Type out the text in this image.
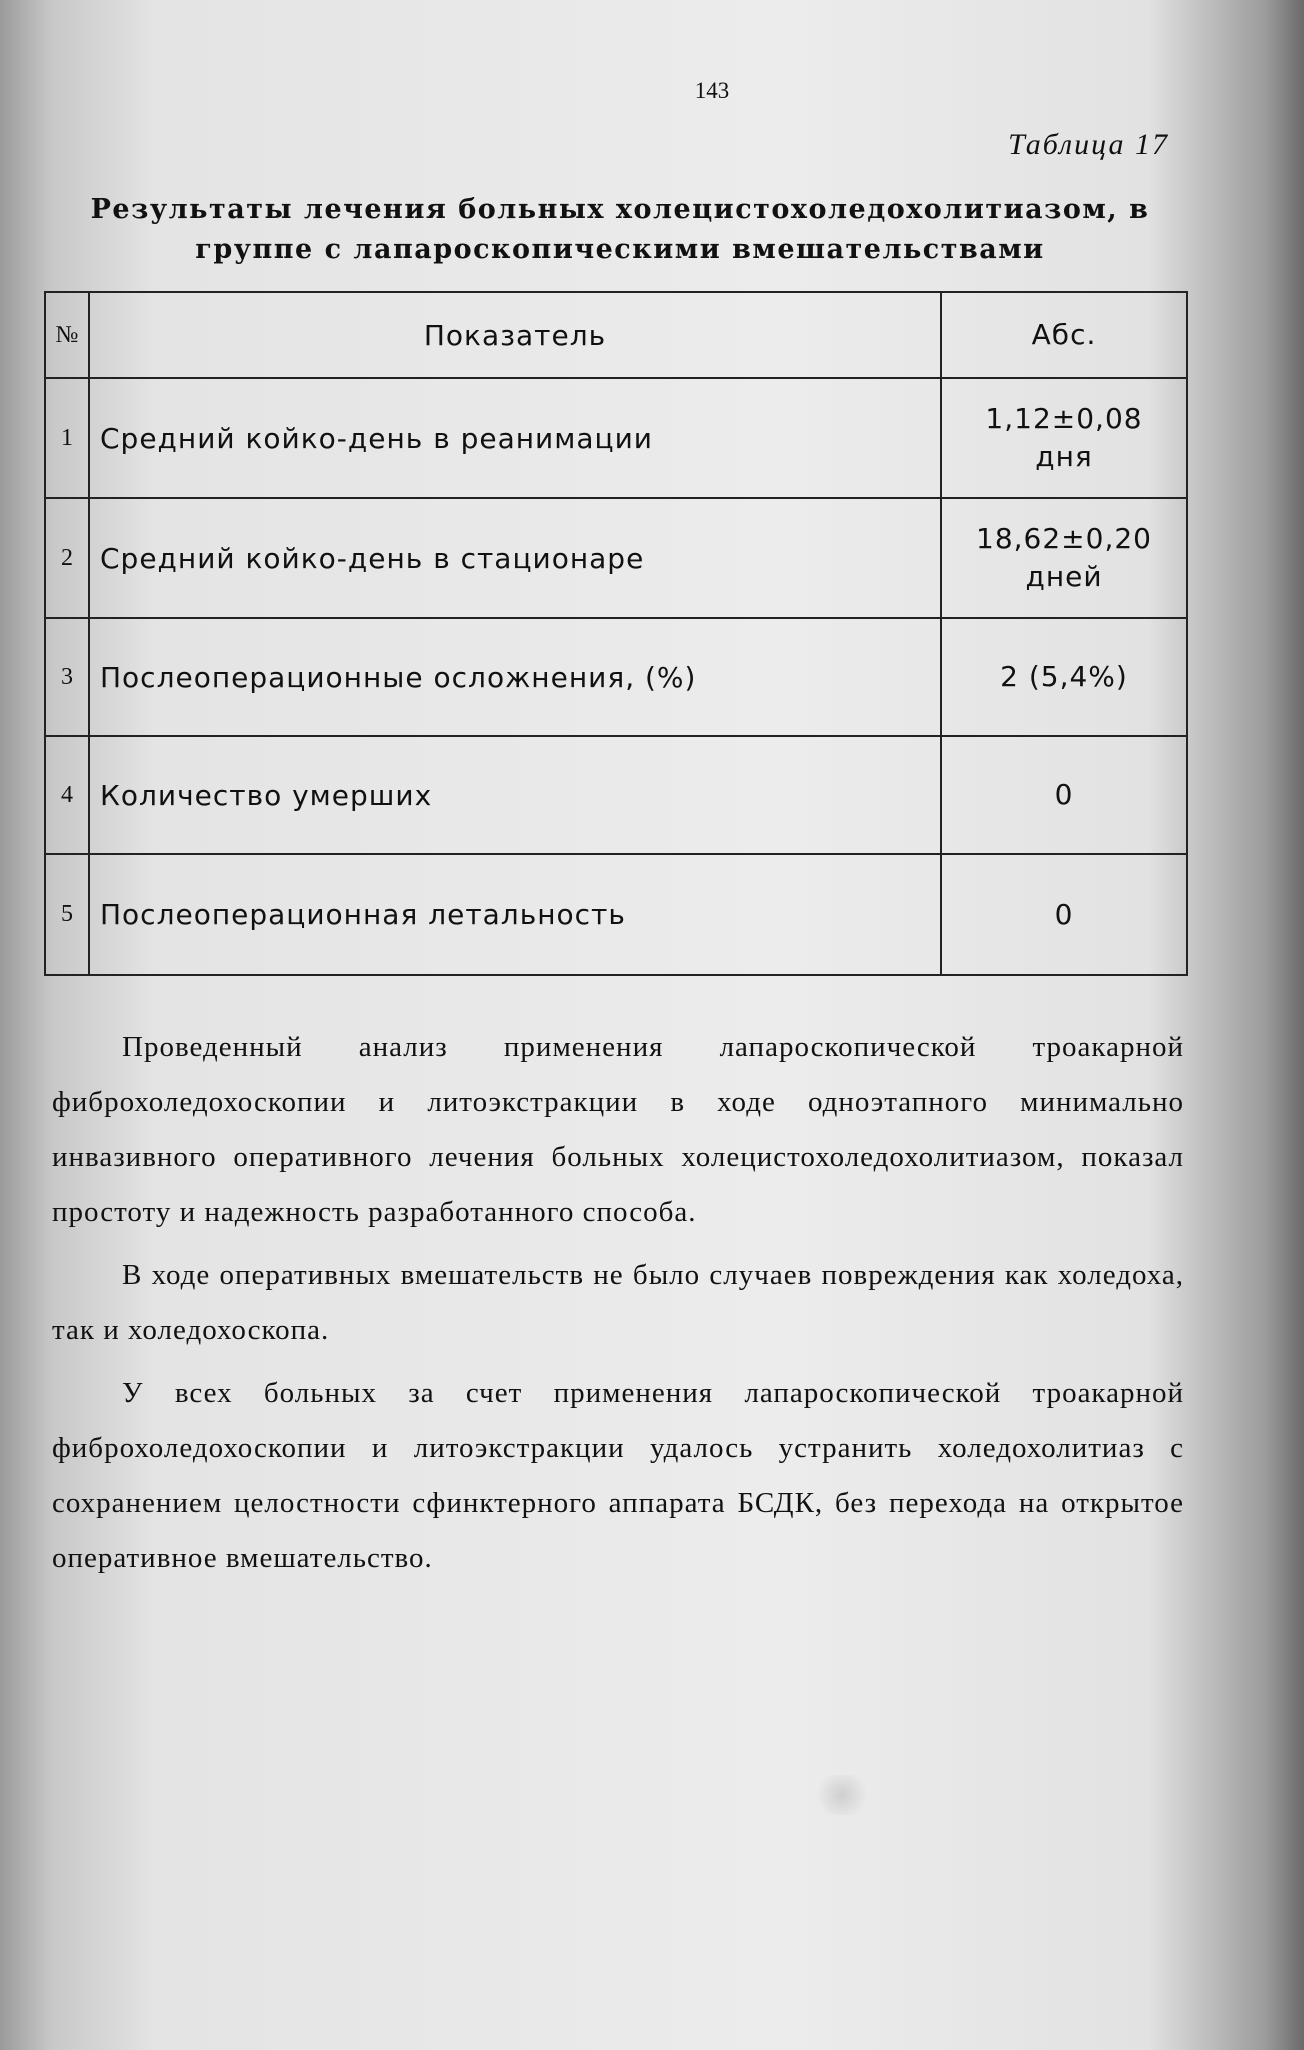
143
Таблица 17
Результаты лечения больных холецистохоледохолитиазом, в
группе с лапароскопическими вмешательствами
№	Показатель	Абс.
1	Средний койко-день в реанимации	1,12±0,08
дня

2	Средний койко-день в стационаре	18,62±0,20
дней

3	Послеоперационные осложнения, (%)	2 (5,4%)

4	Количество умерших	0

5	Послеоперационная летальность	0

Проведенный анализ применения лапароскопической троакарной фиброхоледохоскопии и литоэкстракции в ходе одноэтапного минимально инвазивного оперативного лечения больных холецистохоледохолитиазом, показал простоту и надежность разработанного способа.

В ходе оперативных вмешательств не было случаев повреждения как холедоха, так и холедохоскопа.

У всех больных за счет применения лапароскопической троакарной фиброхоледохоскопии и литоэкстракции удалось устранить холедохолитиаз с сохранением целостности сфинктерного аппарата БСДК, без перехода на открытое оперативное вмешательство.
